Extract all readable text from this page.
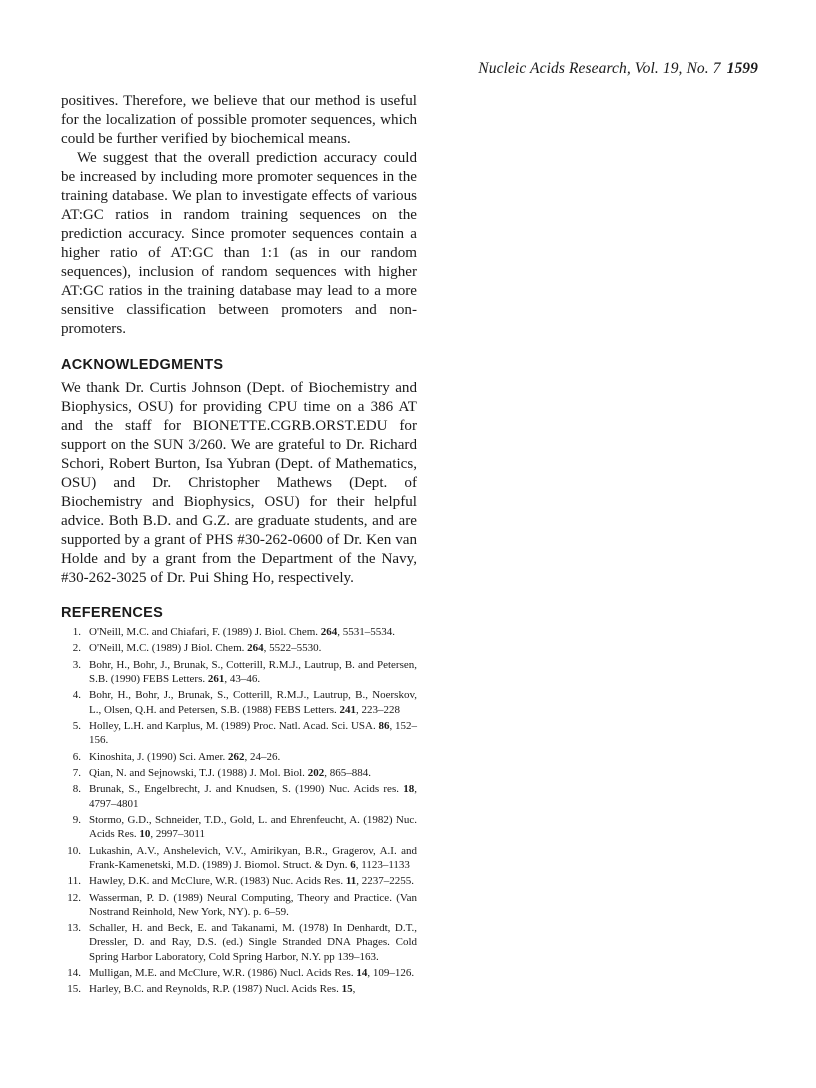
Nucleic Acids Research, Vol. 19, No. 7 1599

positives. Therefore, we believe that our method is useful for the localization of possible promoter sequences, which could be further verified by biochemical means.

We suggest that the overall prediction accuracy could be increased by including more promoter sequences in the training database. We plan to investigate effects of various AT:GC ratios in random training sequences on the prediction accuracy. Since promoter sequences contain a higher ratio of AT:GC than 1:1 (as in our random sequences), inclusion of random sequences with higher AT:GC ratios in the training database may lead to a more sensitive classification between promoters and non-promoters.

ACKNOWLEDGMENTS

We thank Dr. Curtis Johnson (Dept. of Biochemistry and Biophysics, OSU) for providing CPU time on a 386 AT and the staff for BIONETTE.CGRB.ORST.EDU for support on the SUN 3/260. We are grateful to Dr. Richard Schori, Robert Burton, Isa Yubran (Dept. of Mathematics, OSU) and Dr. Christopher Mathews (Dept. of Biochemistry and Biophysics, OSU) for their helpful advice. Both B.D. and G.Z. are graduate students, and are supported by a grant of PHS #30-262-0600 of Dr. Ken van Holde and by a grant from the Department of the Navy, #30-262-3025 of Dr. Pui Shing Ho, respectively.

REFERENCES
1. O'Neill, M.C. and Chiafari, F. (1989) J. Biol. Chem. 264, 5531–5534.
2. O'Neill, M.C. (1989) J Biol. Chem. 264, 5522–5530.
3. Bohr, H., Bohr, J., Brunak, S., Cotterill, R.M.J., Lautrup, B. and Petersen, S.B. (1990) FEBS Letters. 261, 43–46.
4. Bohr, H., Bohr, J., Brunak, S., Cotterill, R.M.J., Lautrup, B., Noerskov, L., Olsen, Q.H. and Petersen, S.B. (1988) FEBS Letters. 241, 223–228
5. Holley, L.H. and Karplus, M. (1989) Proc. Natl. Acad. Sci. USA. 86, 152–156.
6. Kinoshita, J. (1990) Sci. Amer. 262, 24–26.
7. Qian, N. and Sejnowski, T.J. (1988) J. Mol. Biol. 202, 865–884.
8. Brunak, S., Engelbrecht, J. and Knudsen, S. (1990) Nuc. Acids res. 18, 4797–4801
9. Stormo, G.D., Schneider, T.D., Gold, L. and Ehrenfeucht, A. (1982) Nuc. Acids Res. 10, 2997–3011
10. Lukashin, A.V., Anshelevich, V.V., Amirikyan, B.R., Gragerov, A.I. and Frank-Kamenetski, M.D. (1989) J. Biomol. Struct. & Dyn. 6, 1123–1133
11. Hawley, D.K. and McClure, W.R. (1983) Nuc. Acids Res. 11, 2237–2255.
12. Wasserman, P. D. (1989) Neural Computing, Theory and Practice. (Van Nostrand Reinhold, New York, NY). p. 6–59.
13. Schaller, H. and Beck, E. and Takanami, M. (1978) In Denhardt, D.T., Dressler, D. and Ray, D.S. (ed.) Single Stranded DNA Phages. Cold Spring Harbor Laboratory, Cold Spring Harbor, N.Y. pp 139–163.
14. Mulligan, M.E. and McClure, W.R. (1986) Nucl. Acids Res. 14, 109–126.
15. Harley, B.C. and Reynolds, R.P. (1987) Nucl. Acids Res. 15,
